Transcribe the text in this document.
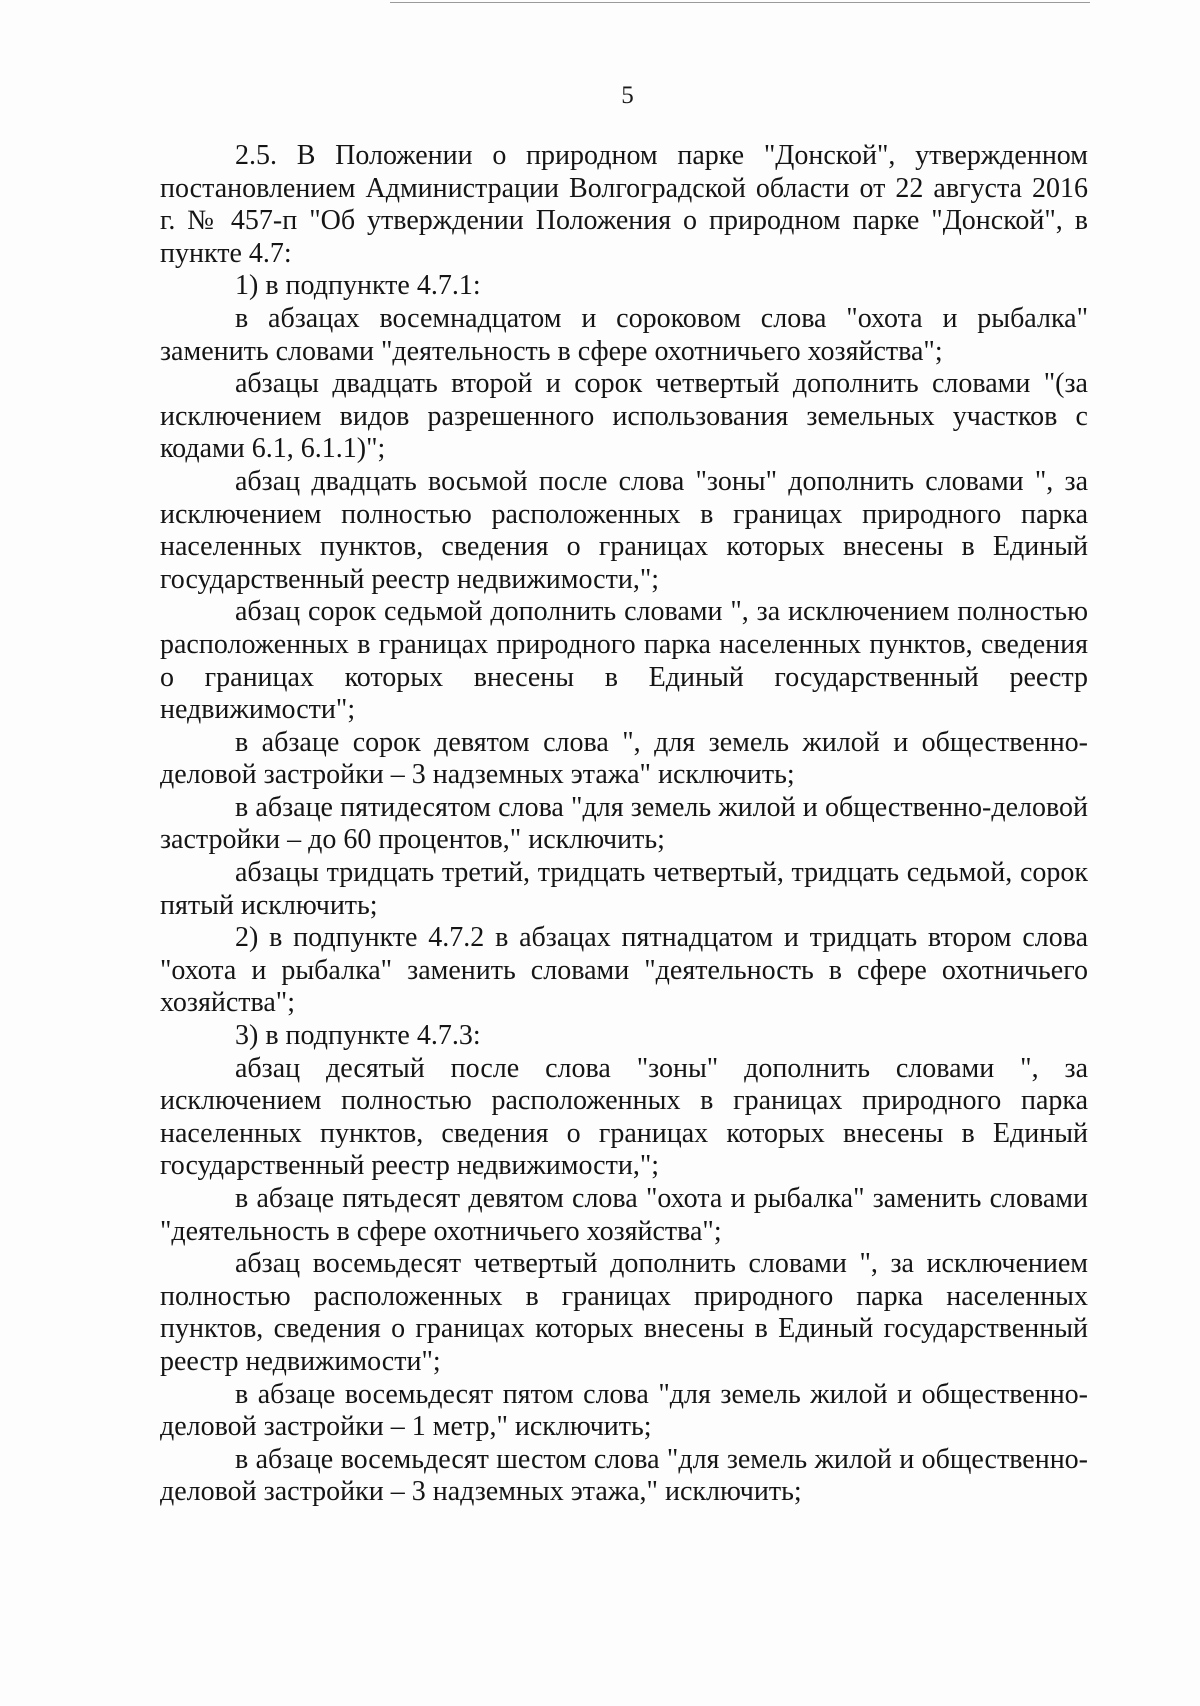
5

2.5. В Положении о природном парке "Донской", утвержденном постановлением Администрации Волгоградской области от 22 августа 2016 г. № 457-п "Об утверждении Положения о природном парке "Донской", в пункте 4.7:

1) в подпункте 4.7.1:

в абзацах восемнадцатом и сороковом слова "охота и рыбалка" заменить словами "деятельность в сфере охотничьего хозяйства";

абзацы двадцать второй и сорок четвертый дополнить словами "(за исключением видов разрешенного использования земельных участков с кодами 6.1, 6.1.1)";

абзац двадцать восьмой после слова "зоны" дополнить словами ", за исключением полностью расположенных в границах природного парка населенных пунктов, сведения о границах которых внесены в Единый государственный реестр недвижимости,";

абзац сорок седьмой дополнить словами ", за исключением полностью расположенных в границах природного парка населенных пунктов, сведения о границах которых внесены в Единый государственный реестр недвижимости";

в абзаце сорок девятом слова ", для земель жилой и общественно-деловой застройки – 3 надземных этажа" исключить;

в абзаце пятидесятом слова "для земель жилой и общественно-деловой застройки – до 60 процентов," исключить;

абзацы тридцать третий, тридцать четвертый, тридцать седьмой, сорок пятый исключить;

2) в подпункте 4.7.2 в абзацах пятнадцатом и тридцать втором слова "охота и рыбалка" заменить словами "деятельность в сфере охотничьего хозяйства";

3) в подпункте 4.7.3:

абзац десятый после слова "зоны" дополнить словами ", за исключением полностью расположенных в границах природного парка населенных пунктов, сведения о границах которых внесены в Единый государственный реестр недвижимости,";

в абзаце пятьдесят девятом слова "охота и рыбалка" заменить словами "деятельность в сфере охотничьего хозяйства";

абзац восемьдесят четвертый дополнить словами ", за исключением полностью расположенных в границах природного парка населенных пунктов, сведения о границах которых внесены в Единый государственный реестр недвижимости";

в абзаце восемьдесят пятом слова "для земель жилой и общественно-деловой застройки – 1 метр," исключить;

в абзаце восемьдесят шестом слова "для земель жилой и общественно-деловой застройки – 3 надземных этажа," исключить;
